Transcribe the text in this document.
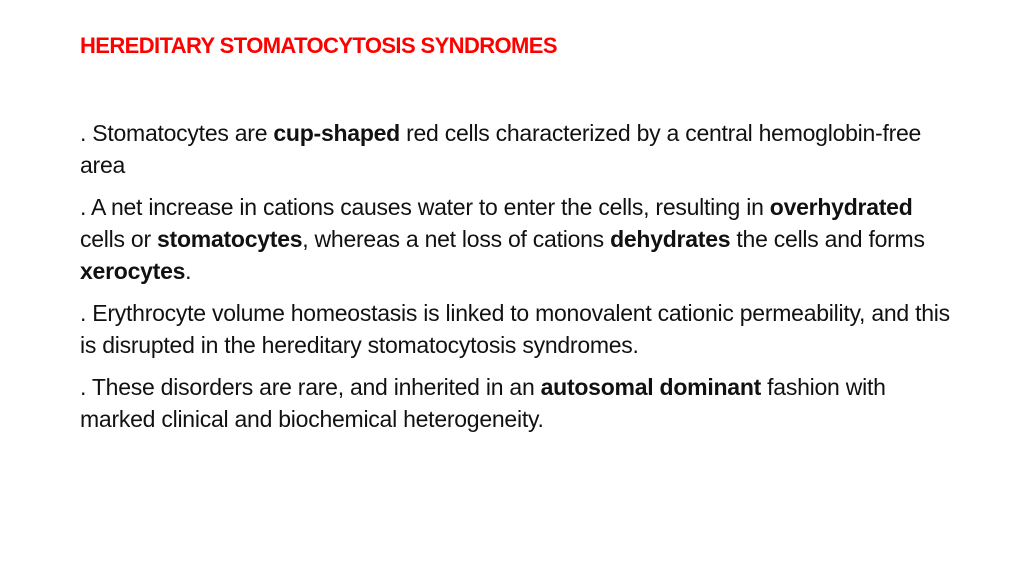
HEREDITARY STOMATOCYTOSIS SYNDROMES

. Stomatocytes are cup-shaped red cells characterized by a central hemoglobin-free area

. A net increase in cations causes water to enter the cells, resulting in overhydrated cells or stomatocytes, whereas a net loss of cations dehydrates the cells and forms xerocytes.

. Erythrocyte volume homeostasis is linked to monovalent cationic permeability, and this is disrupted in the hereditary stomatocytosis syndromes.

. These disorders are rare, and inherited in an autosomal dominant fashion with marked clinical and biochemical heterogeneity.
